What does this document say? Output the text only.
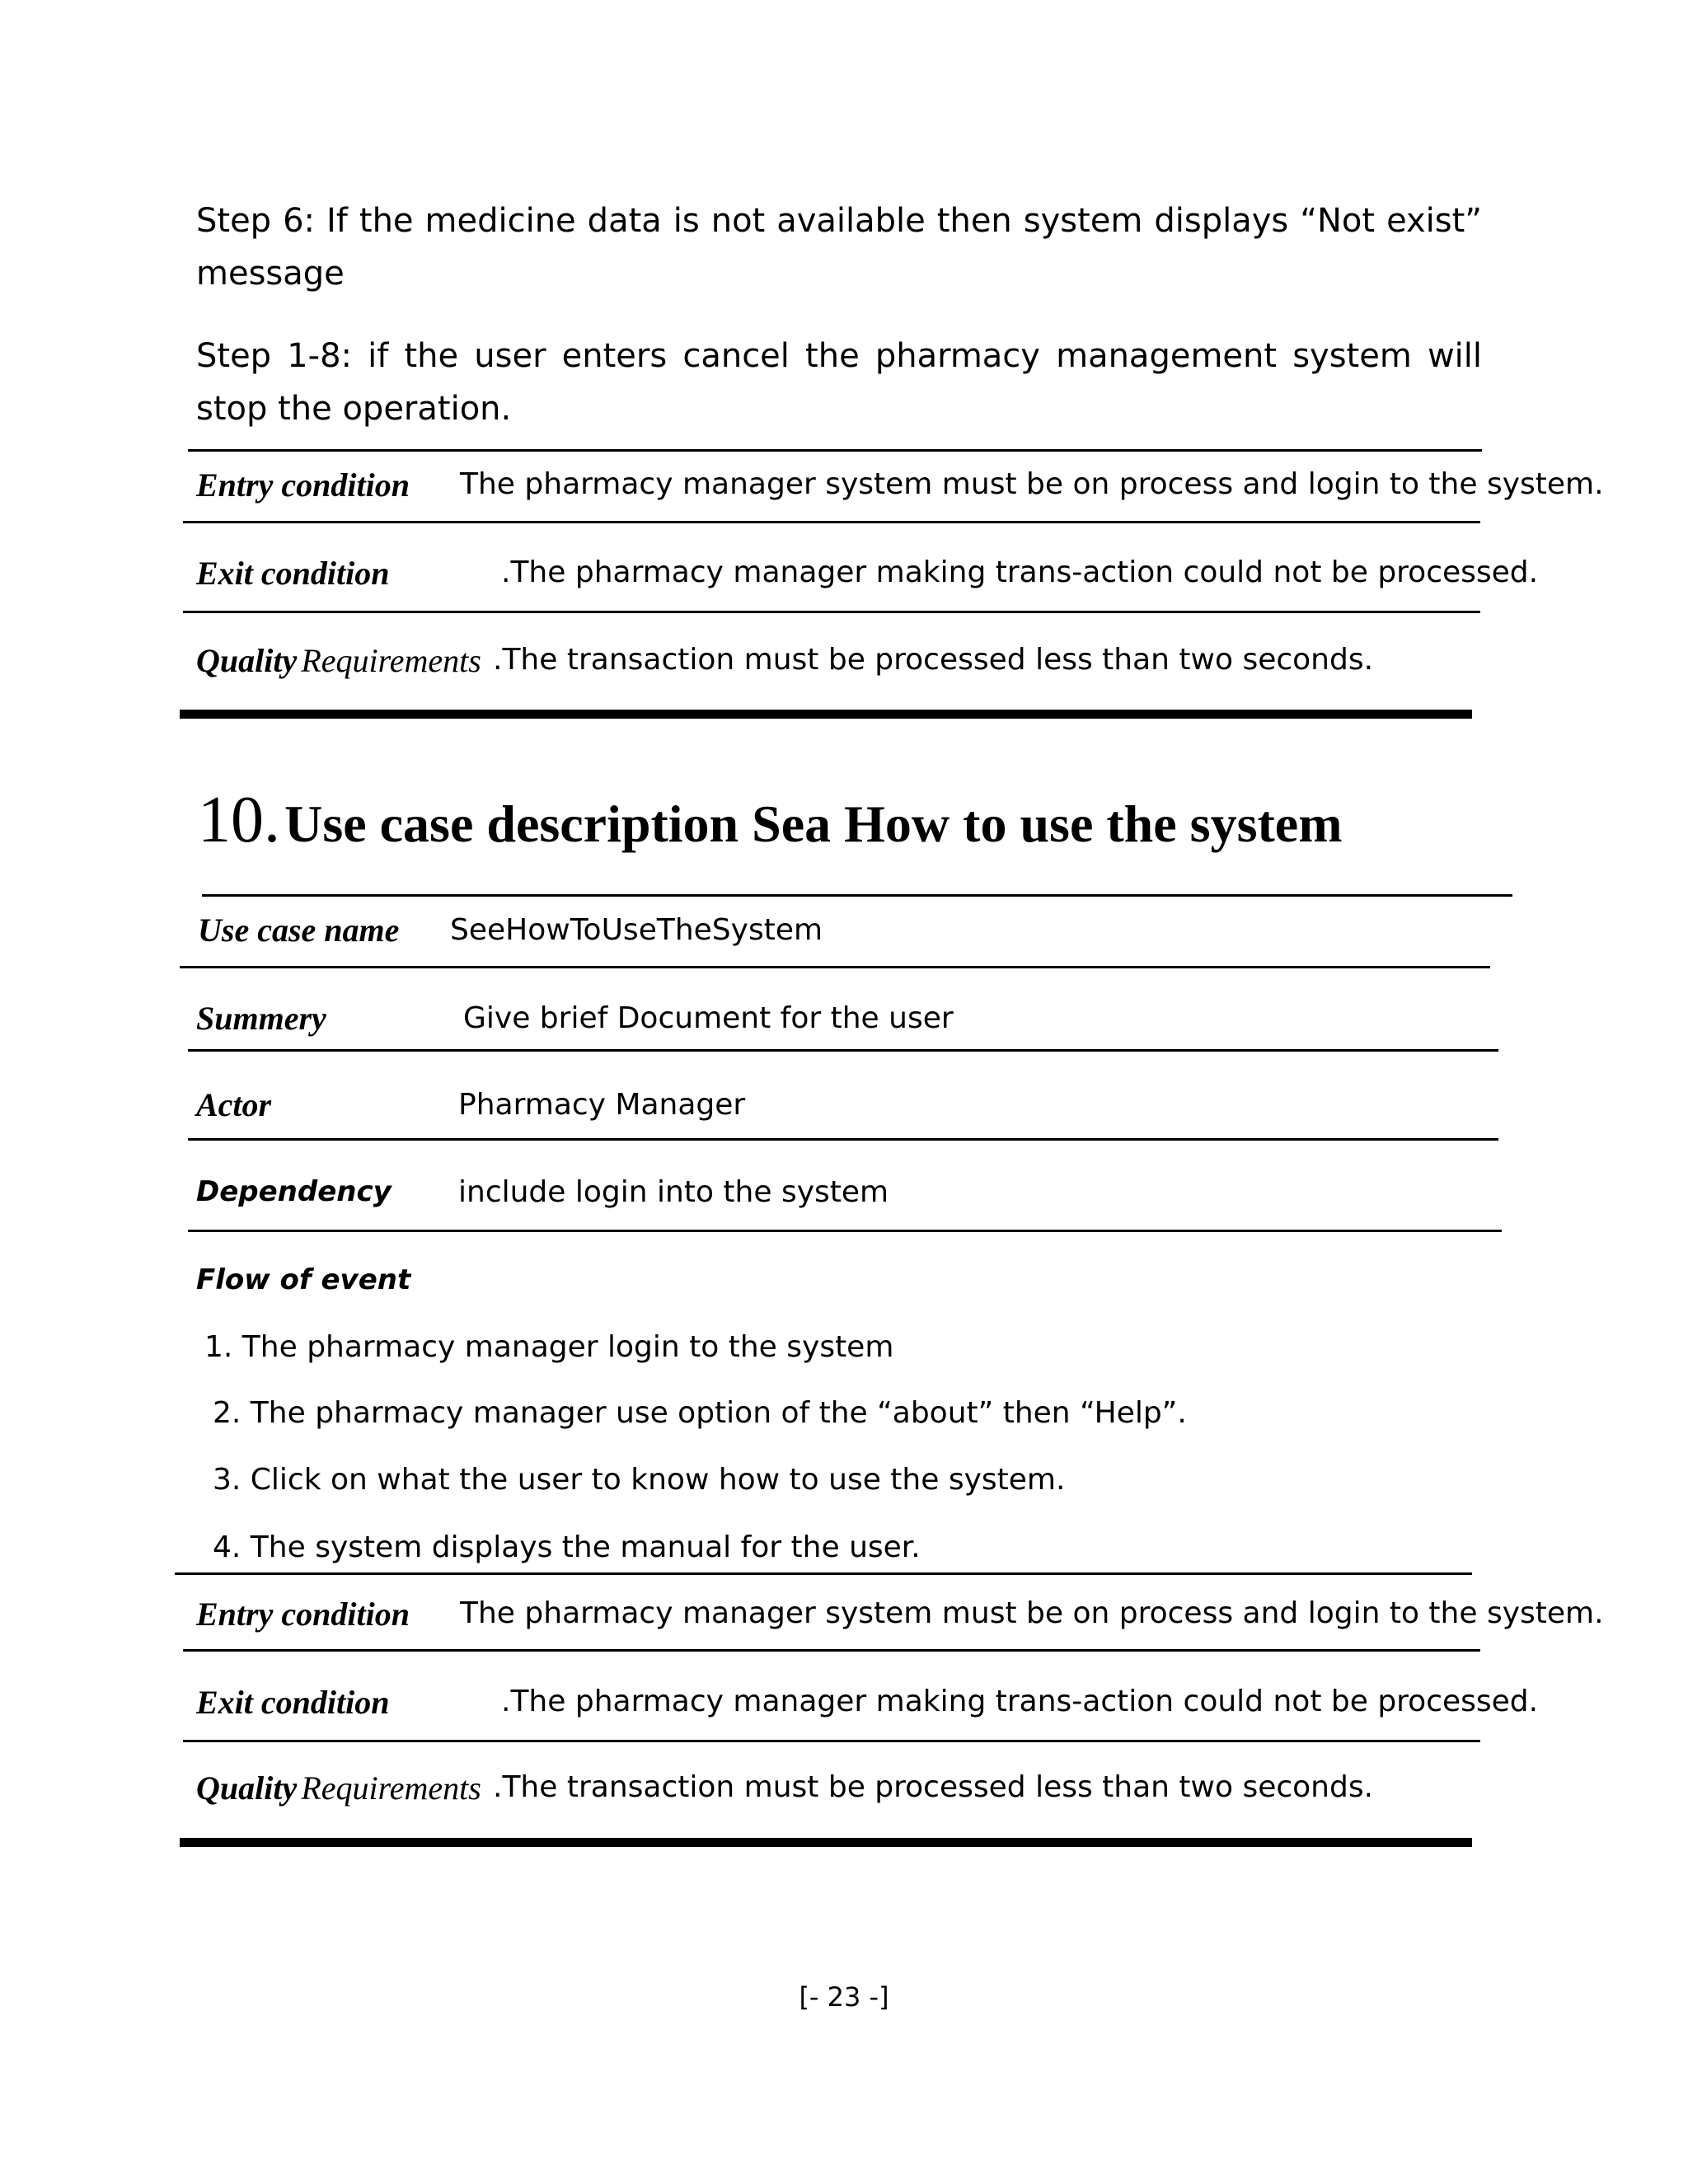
Step 6: If the medicine data is not available then system displays “Not exist” message
Step 1-8: if the user enters cancel the pharmacy management system will stop the operation.
Entry condition The pharmacy manager system must be on process and login to the system.
Exit condition	.The pharmacy manager making trans-action could not be processed.
Quality Requirements .The transaction must be processed less than two seconds.
10. Use case description Sea How to use the system
Use case name SeeHowToUseTheSystem
Summery	Give brief Document for the user
Actor	Pharmacy Manager
Dependency include login into the system
Flow of event
1. The pharmacy manager login to the system
2. The pharmacy manager use option of the “about” then “Help”.
3. Click on what the user to know how to use the system.
4. The system displays the manual for the user.
Entry condition The pharmacy manager system must be on process and login to the system.
Exit condition	.The pharmacy manager making trans-action could not be processed.
Quality Requirements .The transaction must be processed less than two seconds.
[- 23 -]
